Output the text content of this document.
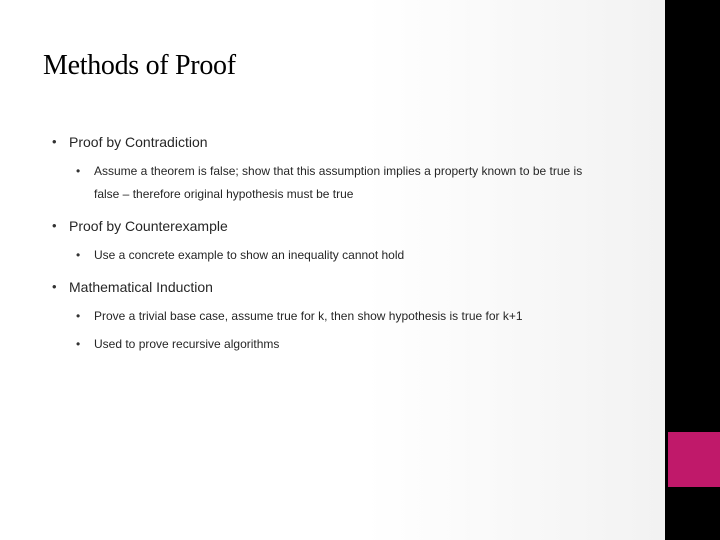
Methods of Proof
• Proof by Contradiction
• Assume a theorem is false; show that this assumption implies a property known to be true is
false – therefore original hypothesis must be true
• Proof by Counterexample
• Use a concrete example to show an inequality cannot hold
• Mathematical Induction
• Prove a trivial base case, assume true for k, then show hypothesis is true for k+1
• Used to prove recursive algorithms
